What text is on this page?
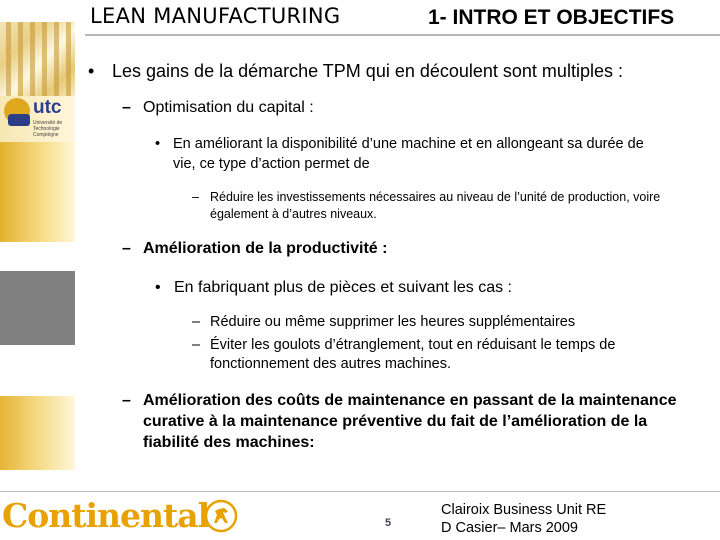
LEAN MANUFACTURING	1- INTRO ET OBJECTIFS
utc
Université de Technologie Compiègne
• Les gains de la démarche TPM qui en découlent sont multiples :
– Optimisation du capital :
• En améliorant la disponibilité d’une machine et en allongeant sa durée de
vie, ce type d’action permet de
– Réduire les investissements nécessaires au niveau de l’unité de production, voire
également à d’autres niveaux.
– Amélioration de la productivité :
• En fabriquant plus de pièces et suivant les cas :
– Réduire ou même supprimer les heures supplémentaires
– Éviter les goulots d’étranglement, tout en réduisant le temps de
fonctionnement des autres machines.
– Amélioration des coûts de maintenance en passant de la maintenance
curative à la maintenance préventive du fait de l’amélioration de la
fiabilité des machines:
Continental	5
Clairoix Business Unit RE
D Casier– Mars 2009
